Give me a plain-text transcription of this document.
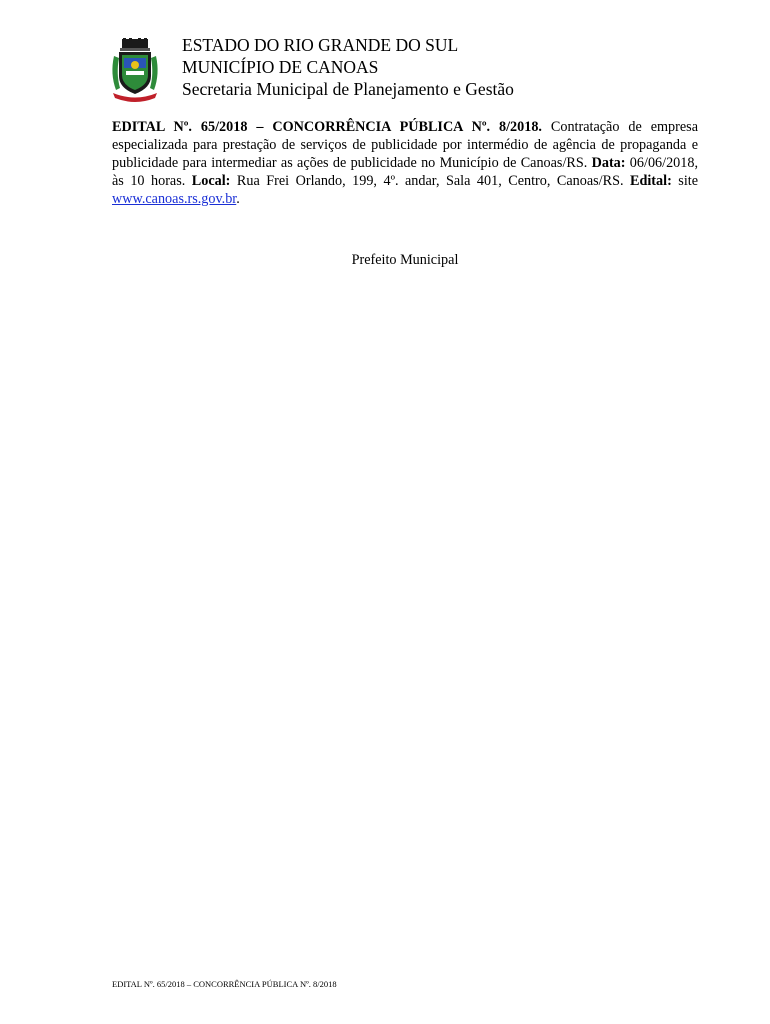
ESTADO DO RIO GRANDE DO SUL
MUNICÍPIO DE CANOAS
Secretaria Municipal de Planejamento e Gestão
EDITAL Nº. 65/2018 – CONCORRÊNCIA PÚBLICA Nº. 8/2018. Contratação de empresa especializada para prestação de serviços de publicidade por intermédio de agência de propaganda e publicidade para intermediar as ações de publicidade no Município de Canoas/RS. Data: 06/06/2018, às 10 horas. Local: Rua Frei Orlando, 199, 4º. andar, Sala 401, Centro, Canoas/RS. Edital: site www.canoas.rs.gov.br.
Prefeito Municipal
EDITAL Nº. 65/2018 – CONCORRÊNCIA PÚBLICA Nº. 8/2018
